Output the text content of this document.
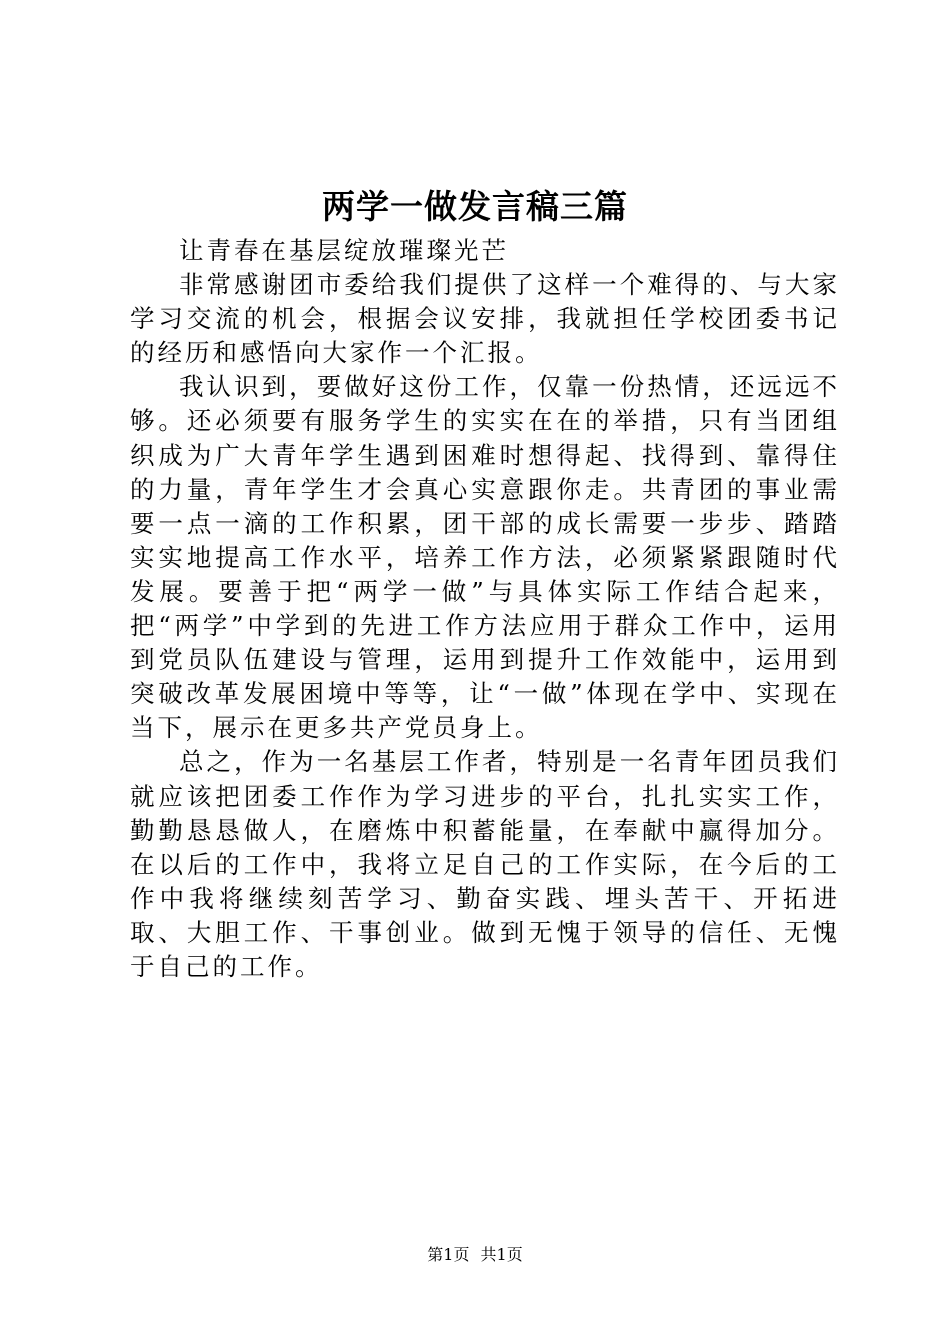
两学一做发言稿三篇

让青春在基层绽放璀璨光芒

非常感谢团市委给我们提供了这样一个难得的、与大家学习交流的机会，根据会议安排，我就担任学校团委书记的经历和感悟向大家作一个汇报。

我认识到，要做好这份工作，仅靠一份热情，还远远不够。还必须要有服务学生的实实在在的举措，只有当团组织成为广大青年学生遇到困难时想得起、找得到、靠得住的力量，青年学生才会真心实意跟你走。共青团的事业需要一点一滴的工作积累，团干部的成长需要一步步、踏踏实实地提高工作水平，培养工作方法，必须紧紧跟随时代发展。要善于把“两学一做”与具体实际工作结合起来，把“两学”中学到的先进工作方法应用于群众工作中，运用到党员队伍建设与管理，运用到提升工作效能中，运用到突破改革发展困境中等等，让“一做”体现在学中、实现在当下，展示在更多共产党员身上。

总之，作为一名基层工作者，特别是一名青年团员我们就应该把团委工作作为学习进步的平台，扎扎实实工作，勤勤恳恳做人，在磨炼中积蓄能量，在奉献中赢得加分。在以后的工作中，我将立足自己的工作实际，在今后的工作中我将继续刻苦学习、勤奋实践、埋头苦干、开拓进取、大胆工作、干事创业。做到无愧于领导的信任、无愧于自己的工作。

第1页 共1页
